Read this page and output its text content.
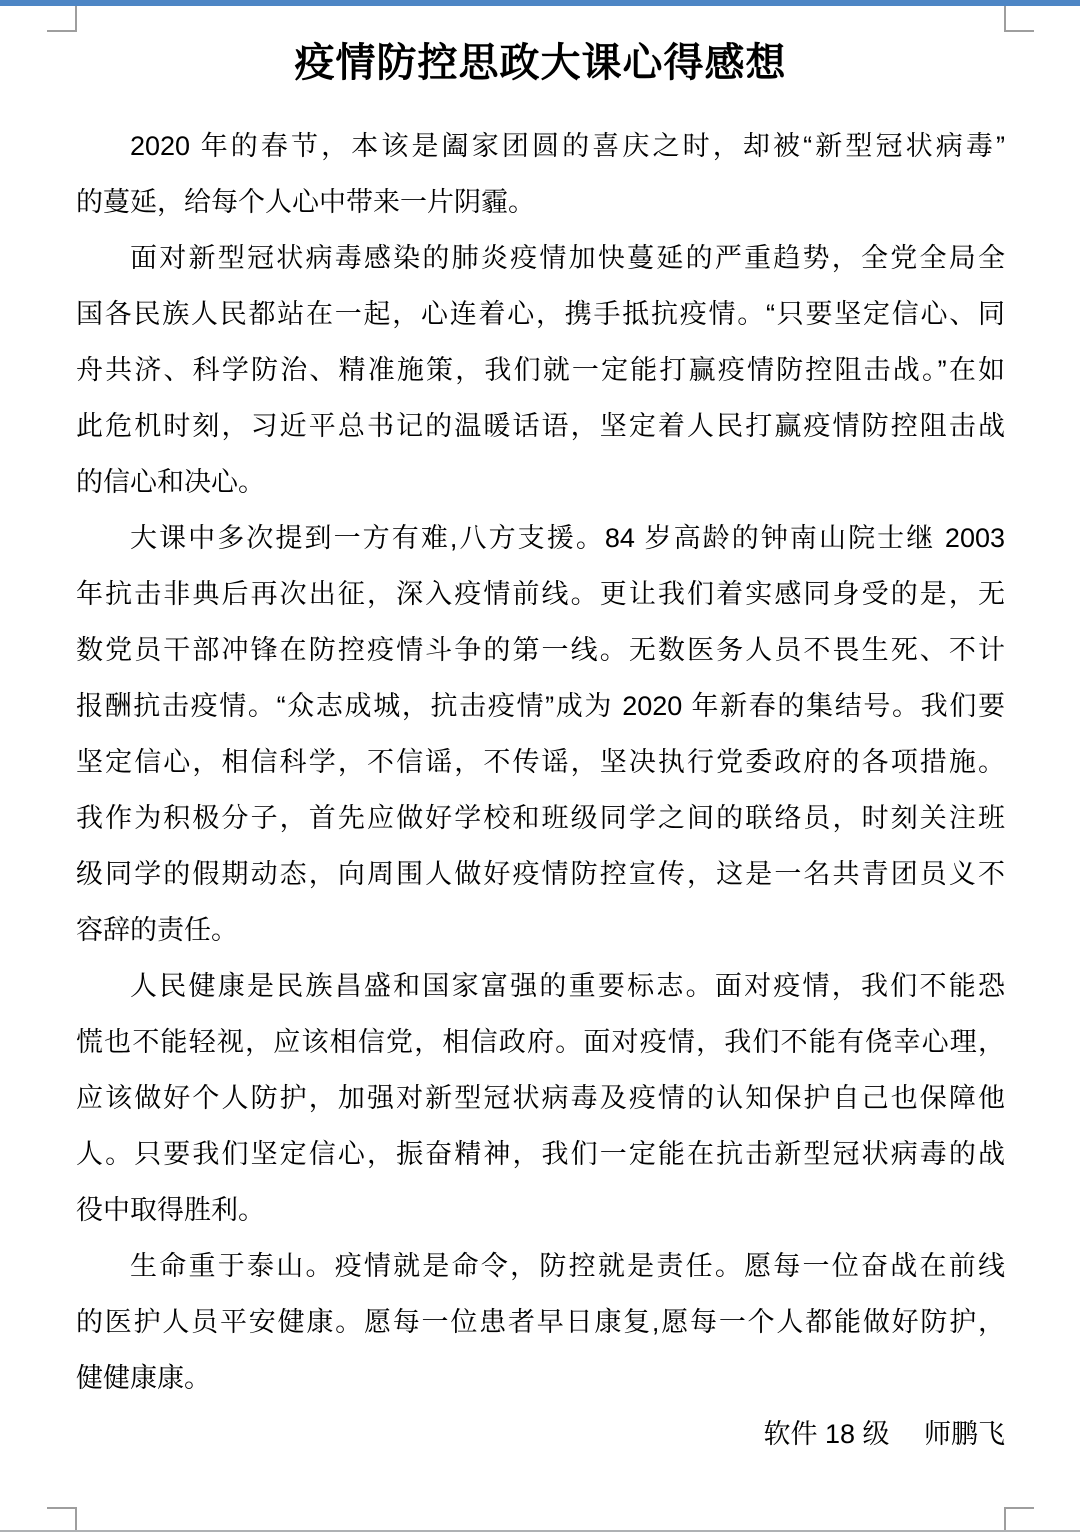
疫情防控思政大课心得感想
2020 年的春节，本该是阖家团圆的喜庆之时，却被“新型冠状病毒”
的蔓延，给每个人心中带来一片阴霾。
面对新型冠状病毒感染的肺炎疫情加快蔓延的严重趋势，全党全局全
国各民族人民都站在一起，心连着心，携手抵抗疫情。“只要坚定信心、同
舟共济、科学防治、精准施策，我们就一定能打赢疫情防控阻击战。”在如
此危机时刻，习近平总书记的温暖话语，坚定着人民打赢疫情防控阻击战
的信心和决心。
大课中多次提到一方有难,八方支援。84 岁高龄的钟南山院士继 2003
年抗击非典后再次出征，深入疫情前线。更让我们着实感同身受的是，无
数党员干部冲锋在防控疫情斗争的第一线。无数医务人员不畏生死、不计
报酬抗击疫情。“众志成城，抗击疫情”成为 2020 年新春的集结号。我们要
坚定信心，相信科学，不信谣，不传谣，坚决执行党委政府的各项措施。
我作为积极分子，首先应做好学校和班级同学之间的联络员，时刻关注班
级同学的假期动态，向周围人做好疫情防控宣传，这是一名共青团员义不
容辞的责任。
人民健康是民族昌盛和国家富强的重要标志。面对疫情，我们不能恐
慌也不能轻视，应该相信党，相信政府。面对疫情，我们不能有侥幸心理，
应该做好个人防护，加强对新型冠状病毒及疫情的认知保护自己也保障他
人。只要我们坚定信心，振奋精神，我们一定能在抗击新型冠状病毒的战
役中取得胜利。
生命重于泰山。疫情就是命令，防控就是责任。愿每一位奋战在前线
的医护人员平安健康。愿每一位患者早日康复,愿每一个人都能做好防护，
健健康康。
软件 18 级　 师鹏飞
